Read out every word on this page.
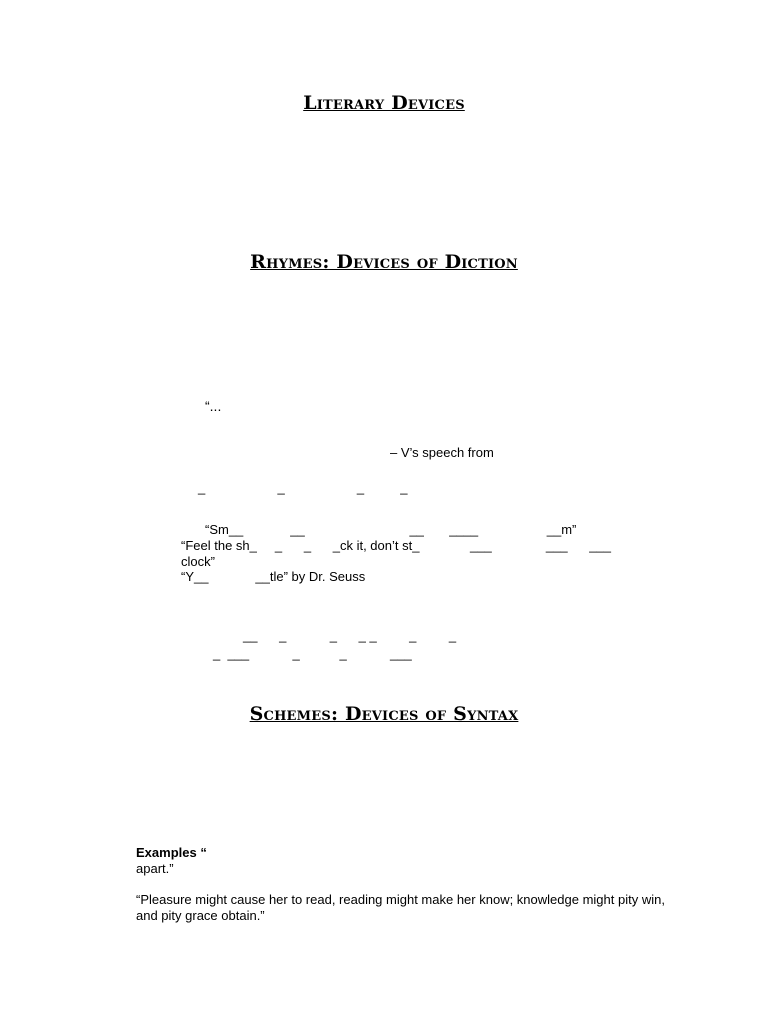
Literary Devices
Rhymes: Devices of Diction
“...
– V’s speech from
_                    _                    _          _
“Sm__             __                             __       ____                   __m”
“Feel the sh_     _      _      _ck it, don’t st_              ___               ___      ___
clock”
“Y__             __tle” by Dr. Seuss
__      _            _      _ _         _         _
_  ___            _           _            ___
Schemes: Devices of Syntax
Examples “
apart.”
“Pleasure might cause her to read, reading might make her know; knowledge might pity win,
and pity grace obtain.”
